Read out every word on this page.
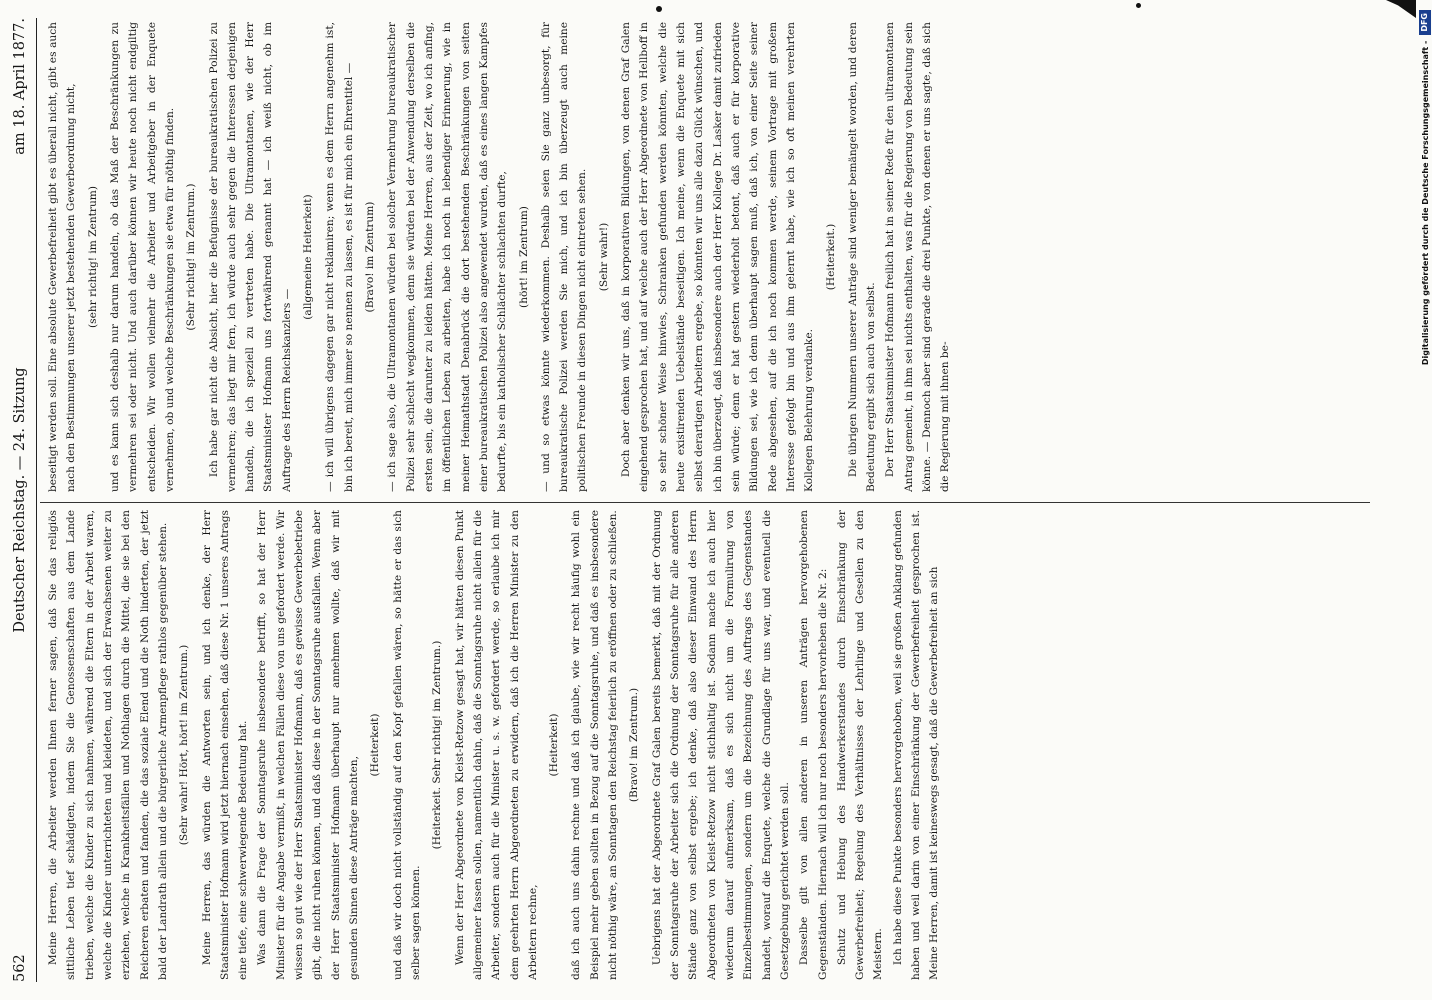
562
Deutscher Reichstag. — 24. Sitzung
am 18. April 1877.

Meine Herren, die Arbeiter werden Ihnen ferner sagen, daß Sie das religiös sittliche Leben tief schädigten, indem Sie die Genossenschaften aus dem Lande trieben, welche die Kinder zu sich nahmen, während die Eltern in der Arbeit waren, welche die Kinder unterrichteten und kleideten, und sich der Erwachsenen weiter zu erziehen, welche in Krankheitsfällen und Nothlagen durch die Mittel, die sie bei den Reicheren erbaten und fanden, die das soziale Elend und die Noth linderten, der jetzt bald der Landrath allein und die bürgerliche Armenpflege rathlos gegenüber stehen. (Sehr wahr! Hört, hört! im Zentrum.) Meine Herren, das würden die Antworten sein, und ich denke, der Herr Staatsminister Hofmann wird jetzt hiernach einsehen, daß diese Nr. 1 unseres Antrags eine tiefe, eine schwerwiegende Bedeutung hat. Was dann die Frage der Sonntagsruhe insbesondere betrifft, so hat der Herr Minister für die Angabe vermißt, in welchen Fällen diese von uns gefordert werde. Wir wissen so gut wie der Herr Staatsminister Hofmann, daß es gewisse Gewerbebetriebe gibt, die nicht ruhen können, und daß diese in der Sonntagsruhe ausfallen. Wenn aber der Herr Staatsminister Hofmann überhaupt nur annehmen wollte, daß wir mit gesunden Sinnen diese Anträge machten,

(Heiterkeit) und daß wir doch nicht vollständig auf den Kopf gefallen wären, so hätte er das sich selber sagen können.

(Heiterkeit. Sehr richtig! im Zentrum.) Wenn der Herr Abgeordnete von Kleist-Retzow gesagt hat, wir hätten diesen Punkt allgemeiner fassen sollen, namentlich dahin, daß die Sonntagsruhe nicht allein für die Arbeiter, sondern auch für die Minister u. s. w. gefordert werde, so erlaube ich mir dem geehrten Herrn Abgeordneten zu erwidern, daß ich die Herren Minister zu den Arbeitern rechne,

(Heiterkeit) daß ich auch uns dahin rechne und daß ich glaube, wie wir recht häufig wohl ein Beispiel mehr geben sollten in Bezug auf die Sonntagsruhe, und daß es insbesondere nicht nöthig wäre, an Sonntagen den Reichstag feierlich zu eröffnen oder zu schließen. (Bravo! im Zentrum.) Uebrigens hat der Abgeordnete Graf Galen bereits bemerkt, daß mit der Ordnung der Sonntagsruhe der Arbeiter sich die Ordnung der Sonntagsruhe für alle anderen Stände ganz von selbst ergebe; ich denke, daß also dieser Einwand des Herrn Abgeordneten von Kleist-Retzow nicht stichhaltig ist. Sodann mache ich auch hier wiederum darauf aufmerksam, daß es sich nicht um die Formulirung von Einzelbestimmungen, sondern um die Bezeichnung des Auftrags des Gegenstandes handelt, worauf die Enquete, welche die Grundlage für uns war, und eventuell die Gesetzgebung gerichtet werden soll. Dasselbe gilt von allen anderen in unseren Anträgen hervorgehobenen Gegenständen. Hiernach will ich nur noch besonders hervorheben die Nr. 2: Schutz und Hebung des Handwerkerstandes durch Einschränkung der Gewerbefreiheit; Regelung des Verhältnisses der Lehrlinge und Gesellen zu den Meistern. Ich habe diese Punkte besonders hervorgehoben, weil sie großen Anklang gefunden haben und weil darin von einer Einschränkung der Gewerbefreiheit gesprochen ist. Meine Herren, damit ist keineswegs gesagt, daß die Gewerbefreiheit an sich

beseitigt werden soll. Eine absolute Gewerbefreiheit gibt es überall nicht, gibt es auch nach den Bestimmungen unserer jetzt bestehenden Gewerbeordnung nicht, (sehr richtig! im Zentrum) und es kann sich deshalb nur darum handeln, ob das Maß der Beschränkungen zu vermehren sei oder nicht. Und auch darüber können wir heute noch nicht endgiltig entscheiden. Wir wollen vielmehr die Arbeiter und Arbeitgeber in der Enquete vernehmen, ob und welche Beschränkungen sie etwa für nöthig finden. (Sehr richtig! im Zentrum.) Ich habe gar nicht die Absicht, hier die Befugnisse der bureaukratischen Polizei zu vermehren; das liegt mir fern, ich würde auch sehr gegen die Interessen derjenigen handeln, die ich speziell zu vertreten habe. Die Ultramontanen, wie der Herr Staatsminister Hofmann uns fortwährend genannt hat — ich weiß nicht, ob im Auftrage des Herrn Reichskanzlers —

(allgemeine Heiterkeit) — ich will übrigens dagegen gar nicht reklamiren; wenn es dem Herrn angenehm ist, bin ich bereit, mich immer so nennen zu lassen, es ist für mich ein Ehrentitel — (Bravo! im Zentrum) — ich sage also, die Ultramontanen würden bei solcher Vermehrung bureaukratischer Polizei sehr schlecht wegkommen, denn sie würden bei der Anwendung derselben die ersten sein, die darunter zu leiden hätten. Meine Herren, aus der Zeit, wo ich anfing, im öffentlichen Leben zu arbeiten, habe ich noch in lebendiger Erinnerung, wie in meiner Heimathstadt Denabrück die dort bestehenden Beschränkungen von seiten einer bureaukratischen Polizei also angewendet wurden, daß es eines langen Kampfes bedurfte, bis ein katholischer Schlächter schlachten durfte, (hört! im Zentrum) — und so etwas könnte wiederkommen. Deshalb seien Sie ganz unbesorgt, für bureaukratische Polizei werden Sie mich, und ich bin überzeugt auch meine politischen Freunde in diesen Dingen nicht eintreten sehen. (Sehr wahr!) Doch aber denken wir uns, daß in korporativen Bildungen, von denen Graf Galen eingehend gesprochen hat, und auf welche auch der Herr Abgeordnete von Hellboff in so sehr schöner Weise hinwies, Schranken gefunden werden könnten, welche die heute existirenden Uebelstände beseitigen. Ich meine, wenn die Enquete mit sich selbst derartigen Arbeitern ergebe, so könnten wir uns alle dazu Glück wünschen, und ich bin überzeugt, daß insbesondere auch der Herr Kollege Dr. Lasker damit zufrieden sein würde; denn er hat gestern wiederholt betont, daß auch er für korporative Bildungen sei, wie ich denn überhaupt sagen muß, daß ich, von einer Seite seiner Rede abgesehen, auf die ich noch kommen werde, seinem Vortrage mit großem Interesse gefolgt bin und aus ihm gelernt habe, wie ich so oft meinen verehrten Kollegen Belehrung verdanke.

(Heiterkeit.) Die übrigen Nummern unserer Anträge sind weniger bemängelt worden, und deren Bedeutung ergibt sich auch von selbst. Der Herr Staatsminister Hofmann freilich hat in seiner Rede für den ultramontanen Antrag gemeint, in ihm sei nichts enthalten, was für die Regierung von Bedeutung sein könne. — Dennoch aber sind gerade die drei Punkte, von denen er uns sagte, daß sich die Regierung mit ihnen be-

Digitalisierung gefördert durch die Deutsche Forschungsgemeinschaft -
DFG
